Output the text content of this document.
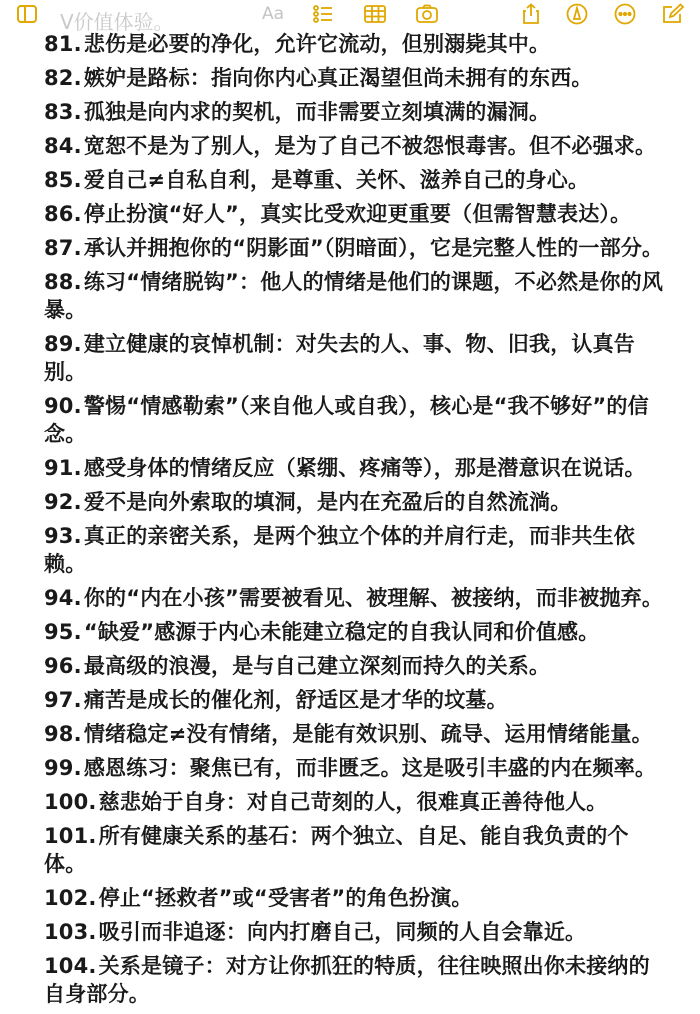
V价值体验。	Aa
81.悲伤是必要的净化，允许它流动，但别溺毙其中。
82.嫉妒是路标：指向你内心真正渴望但尚未拥有的东西。
83.孤独是向内求的契机，而非需要立刻填满的漏洞。
84.宽恕不是为了别人，是为了自己不被怨恨毒害。但不必强求。
85.爱自己≠自私自利，是尊重、关怀、滋养自己的身心。
86.停止扮演“好人”，真实比受欢迎更重要（但需智慧表达）。
87.承认并拥抱你的“阴影面”（阴暗面），它是完整人性的一部分。
88.练习“情绪脱钩”：他人的情绪是他们的课题，不必然是你的风暴。
89.建立健康的哀悼机制：对失去的人、事、物、旧我，认真告别。
90.警惕“情感勒索”（来自他人或自我），核心是“我不够好”的信念。
91.感受身体的情绪反应（紧绷、疼痛等），那是潜意识在说话。
92.爱不是向外索取的填洞，是内在充盈后的自然流淌。
93.真正的亲密关系，是两个独立个体的并肩行走，而非共生依赖。
94.你的“内在小孩”需要被看见、被理解、被接纳，而非被抛弃。
95.“缺爱”感源于内心未能建立稳定的自我认同和价值感。
96.最高级的浪漫，是与自己建立深刻而持久的关系。
97.痛苦是成长的催化剂，舒适区是才华的坟墓。
98.情绪稳定≠没有情绪，是能有效识别、疏导、运用情绪能量。
99.感恩练习：聚焦已有，而非匮乏。这是吸引丰盛的内在频率。
100.慈悲始于自身：对自己苛刻的人，很难真正善待他人。
101.所有健康关系的基石：两个独立、自足、能自我负责的个体。
102.停止“拯救者”或“受害者”的角色扮演。
103.吸引而非追逐：向内打磨自己，同频的人自会靠近。
104.关系是镜子：对方让你抓狂的特质，往往映照出你未接纳的自身部分。
